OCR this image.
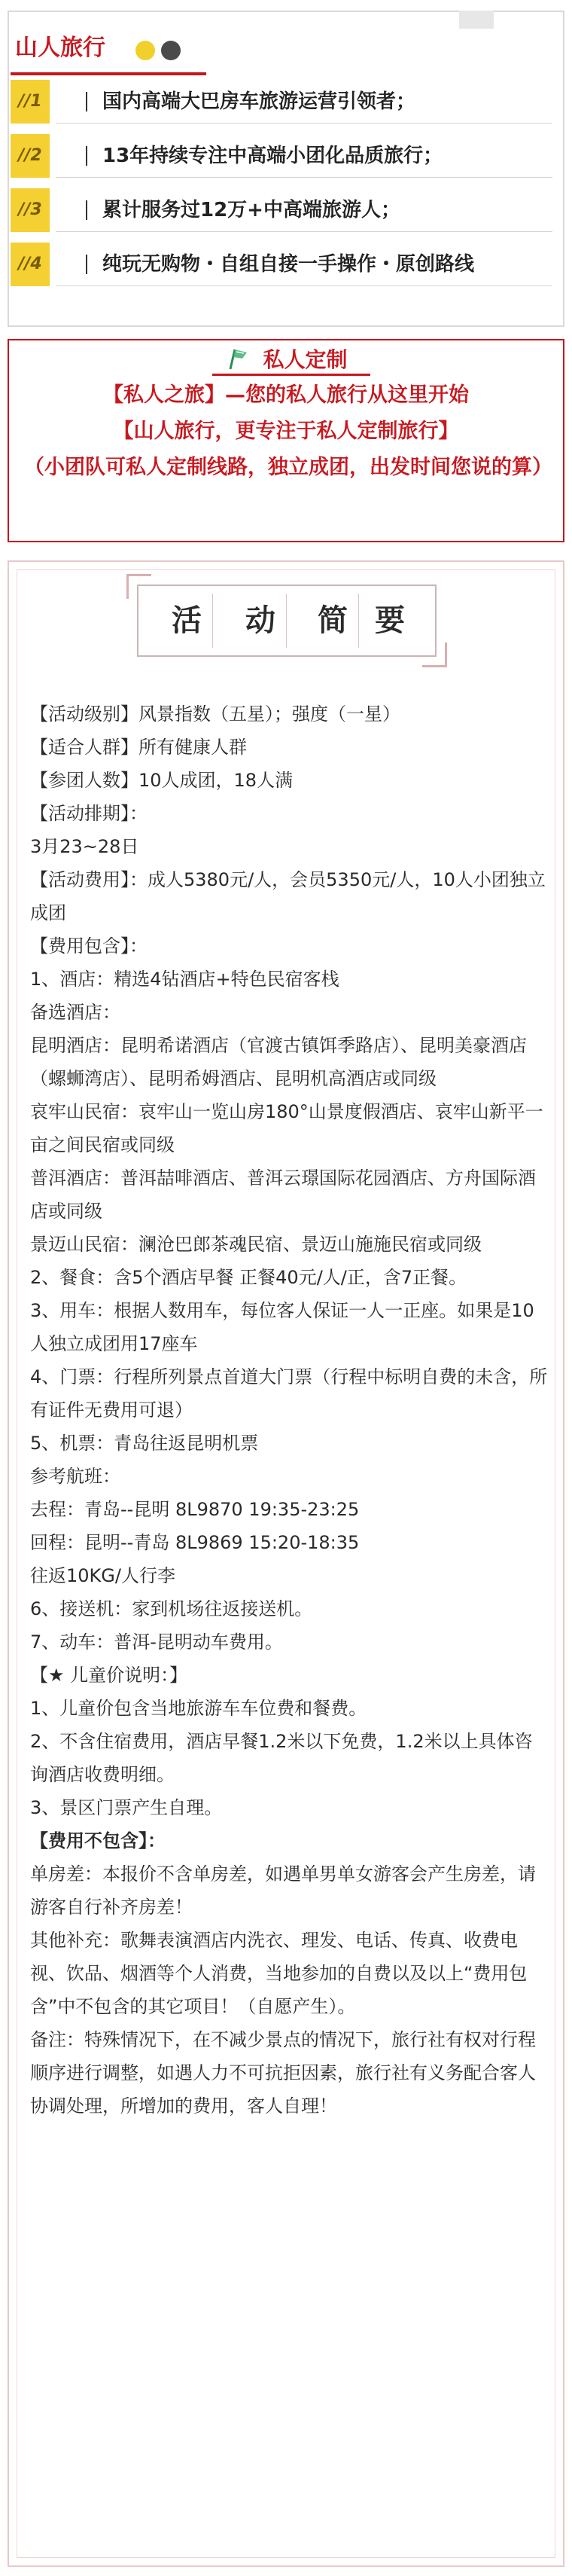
山人旅行
//1	国内高端大巴房车旅游运营引领者；
//2	13年持续专注中高端小团化品质旅行；
//3	累计服务过12万+中高端旅游人；
//4	纯玩无购物・自组自接一手操作・原创路线
私人定制

【私人之旅】—您的私人旅行从这里开始

【山人旅行，更专注于私人定制旅行】

（小团队可私人定制线路，独立成团，出发时间您说的算）

活 动 简 要
【活动级别】风景指数（五星）；强度（一星）
【适合人群】所有健康人群
【参团人数】10人成团，18人满
【活动排期】：
3月23~28日
【活动费用】：成人5380元/人，会员5350元/人，10人小团独立成团
【费用包含】：
1、酒店：精选4钻酒店+特色民宿客栈
备选酒店：
昆明酒店：昆明希诺酒店（官渡古镇饵季路店）、昆明美豪酒店（螺蛳湾店）、昆明希姆酒店、昆明机高酒店或同级
哀牢山民宿：哀牢山一览山房180°山景度假酒店、哀牢山新平一亩之间民宿或同级
普洱酒店：普洱喆啡酒店、普洱云璟国际花园酒店、方舟国际酒店或同级
景迈山民宿：澜沧巴郎茶魂民宿、景迈山施施民宿或同级
2、餐食：含5个酒店早餐 正餐40元/人/正，含7正餐。
3、用车：根据人数用车，每位客人保证一人一正座。如果是10人独立成团用17座车
4、门票：行程所列景点首道大门票（行程中标明自费的未含，所有证件无费用可退）
5、机票：青岛往返昆明机票
参考航班：
去程：青岛--昆明 8L9870 19:35-23:25
回程：昆明--青岛 8L9869 15:20-18:35
往返10KG/人行李
6、接送机：家到机场往返接送机。
7、动车：普洱-昆明动车费用。
【★ 儿童价说明：】
1、儿童价包含当地旅游车车位费和餐费。
2、不含住宿费用，酒店早餐1.2米以下免费，1.2米以上具体咨询酒店收费明细。
3、景区门票产生自理。
【费用不包含】：
单房差：本报价不含单房差，如遇单男单女游客会产生房差，请游客自行补齐房差！
其他补充：歌舞表演酒店内洗衣、理发、电话、传真、收费电视、饮品、烟酒等个人消费，当地参加的自费以及以上“费用包含”中不包含的其它项目！（自愿产生）。
备注：特殊情况下，在不减少景点的情况下，旅行社有权对行程顺序进行调整，如遇人力不可抗拒因素，旅行社有义务配合客人协调处理，所增加的费用，客人自理！
